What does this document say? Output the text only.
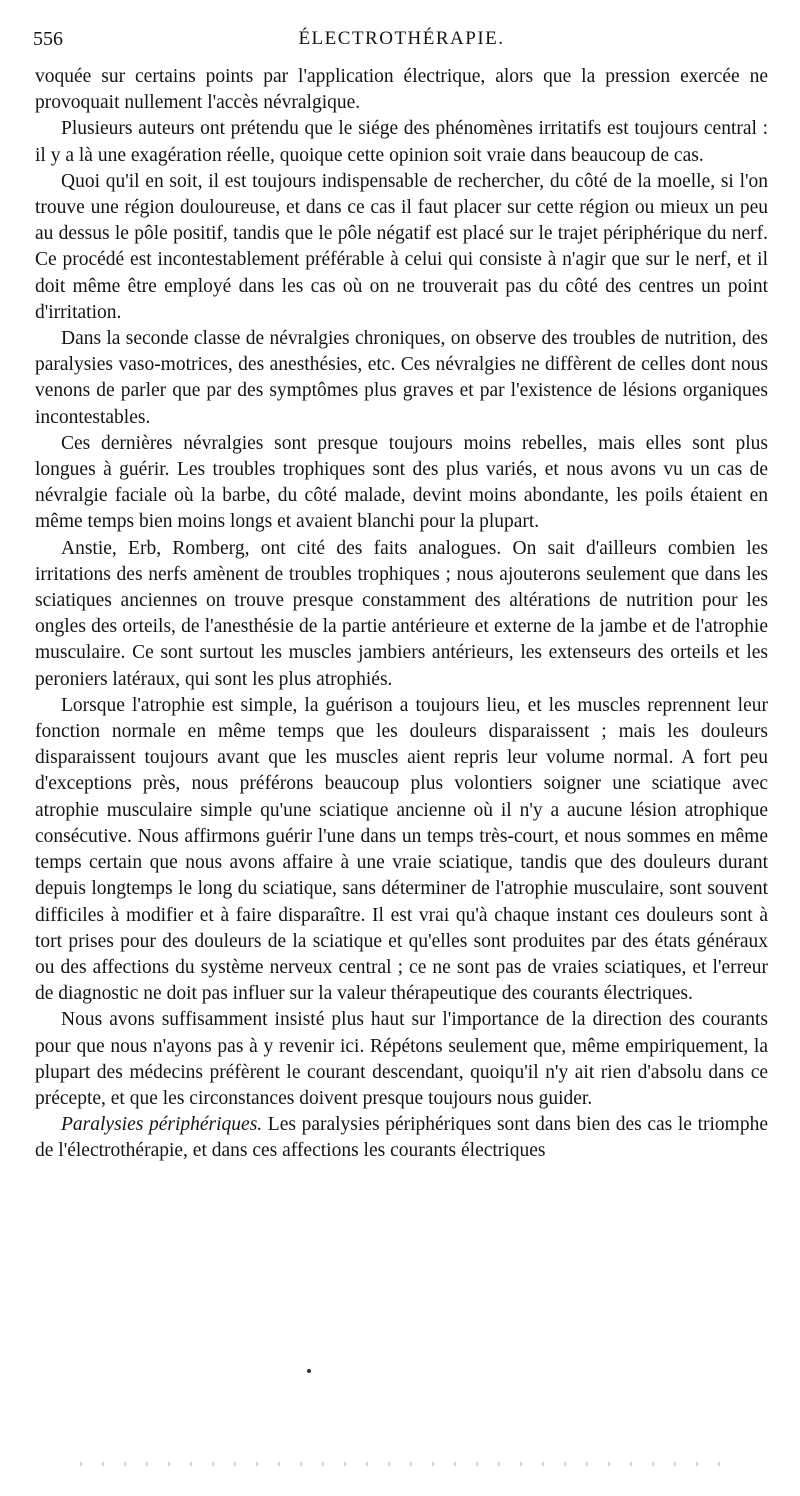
556	ÉLECTROTHÉRAPIE.

voquée sur certains points par l'application électrique, alors que la pression exercée ne provoquait nullement l'accès névralgique.

Plusieurs auteurs ont prétendu que le siége des phénomènes irritatifs est toujours central : il y a là une exagération réelle, quoique cette opinion soit vraie dans beaucoup de cas.

Quoi qu'il en soit, il est toujours indispensable de rechercher, du côté de la moelle, si l'on trouve une région douloureuse, et dans ce cas il faut placer sur cette région ou mieux un peu au dessus le pôle positif, tandis que le pôle négatif est placé sur le trajet périphérique du nerf. Ce procédé est incontestablement préférable à celui qui consiste à n'agir que sur le nerf, et il doit même être employé dans les cas où on ne trouverait pas du côté des centres un point d'irritation.

Dans la seconde classe de névralgies chroniques, on observe des troubles de nutrition, des paralysies vaso-motrices, des anesthésies, etc. Ces névralgies ne diffèrent de celles dont nous venons de parler que par des symptômes plus graves et par l'existence de lésions organiques incontestables.

Ces dernières névralgies sont presque toujours moins rebelles, mais elles sont plus longues à guérir. Les troubles trophiques sont des plus variés, et nous avons vu un cas de névralgie faciale où la barbe, du côté malade, devint moins abondante, les poils étaient en même temps bien moins longs et avaient blanchi pour la plupart.

Anstie, Erb, Romberg, ont cité des faits analogues. On sait d'ailleurs combien les irritations des nerfs amènent de troubles trophiques ; nous ajouterons seulement que dans les sciatiques anciennes on trouve presque constamment des altérations de nutrition pour les ongles des orteils, de l'anesthésie de la partie antérieure et externe de la jambe et de l'atrophie musculaire. Ce sont surtout les muscles jambiers antérieurs, les extenseurs des orteils et les peroniers latéraux, qui sont les plus atrophiés.

Lorsque l'atrophie est simple, la guérison a toujours lieu, et les muscles reprennent leur fonction normale en même temps que les douleurs disparaissent ; mais les douleurs disparaissent toujours avant que les muscles aient repris leur volume normal. A fort peu d'exceptions près, nous préférons beaucoup plus volontiers soigner une sciatique avec atrophie musculaire simple qu'une sciatique ancienne où il n'y a aucune lésion atrophique consécutive. Nous affirmons guérir l'une dans un temps très-court, et nous sommes en même temps certain que nous avons affaire à une vraie sciatique, tandis que des douleurs durant depuis longtemps le long du sciatique, sans déterminer de l'atrophie musculaire, sont souvent difficiles à modifier et à faire disparaître. Il est vrai qu'à chaque instant ces douleurs sont à tort prises pour des douleurs de la sciatique et qu'elles sont produites par des états généraux ou des affections du système nerveux central ; ce ne sont pas de vraies sciatiques, et l'erreur de diagnostic ne doit pas influer sur la valeur thérapeutique des courants électriques.

Nous avons suffisamment insisté plus haut sur l'importance de la direction des courants pour que nous n'ayons pas à y revenir ici. Répétons seulement que, même empiriquement, la plupart des médecins préfèrent le courant descendant, quoiqu'il n'y ait rien d'absolu dans ce précepte, et que les circonstances doivent presque toujours nous guider.

Paralysies périphériques. Les paralysies périphériques sont dans bien des cas le triomphe de l'électrothérapie, et dans ces affections les courants électriques
